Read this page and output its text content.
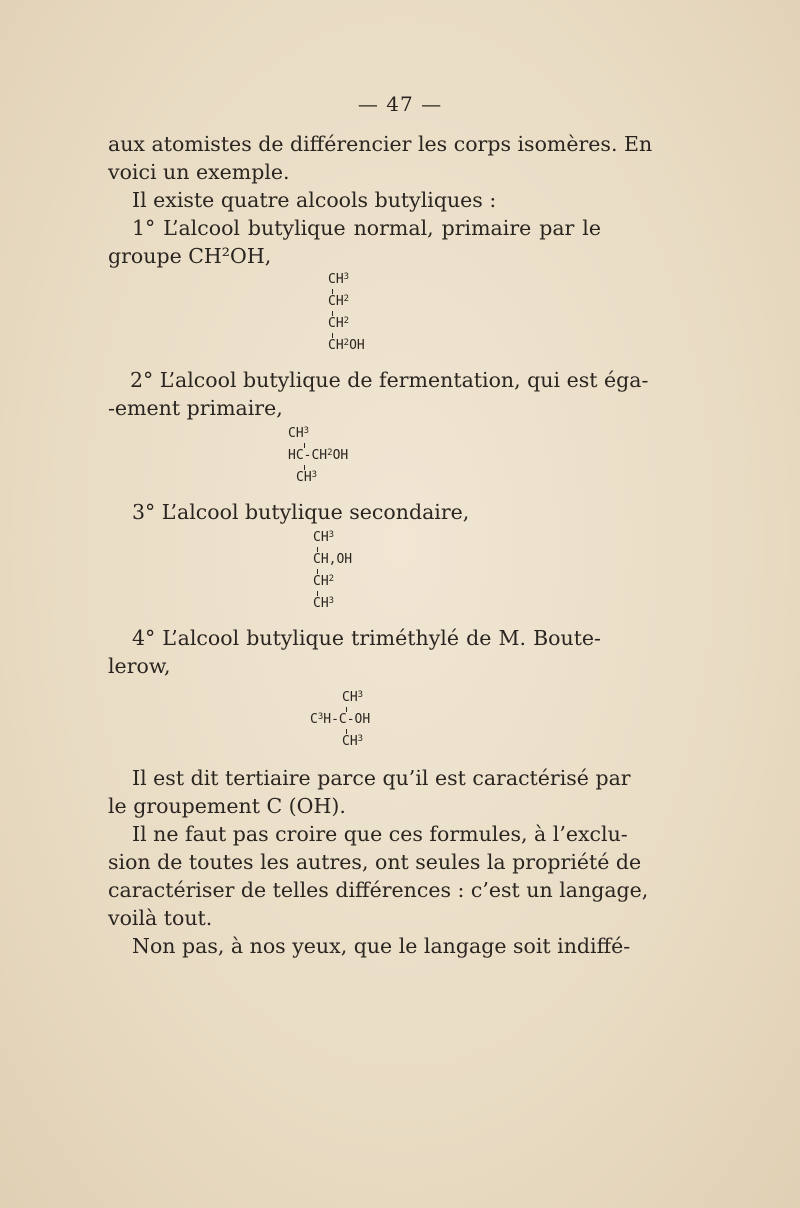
— 47 —
aux atomistes de différencier les corps isomères. En
voici un exemple.
Il existe quatre alcools butyliques :
1° L’alcool butylique normal, primaire par le
groupe CH²OH,
$CH^3$
$CH^2$
$CH^2$
$CH^2OH$
2° L’alcool butylique de fermentation, qui est éga-
-ement primaire,
$CH^3$
$HC-CH^2OH$
$CH^3$
3° L’alcool butylique secondaire,
$CH^3$
CH,OH
$CH^2$
$CH^3$
4° L’alcool butylique triméthylé de M. Boute-
lerow,
$CH^3$
$C^3H-C-OH$
$CH^3$
Il est dit tertiaire parce qu’il est caractérisé par
le groupement C (OH).
Il ne faut pas croire que ces formules, à l’exclu-
sion de toutes les autres, ont seules la propriété de
caractériser de telles différences : c’est un langage,
voilà tout.
Non pas, à nos yeux, que le langage soit indiffé-
